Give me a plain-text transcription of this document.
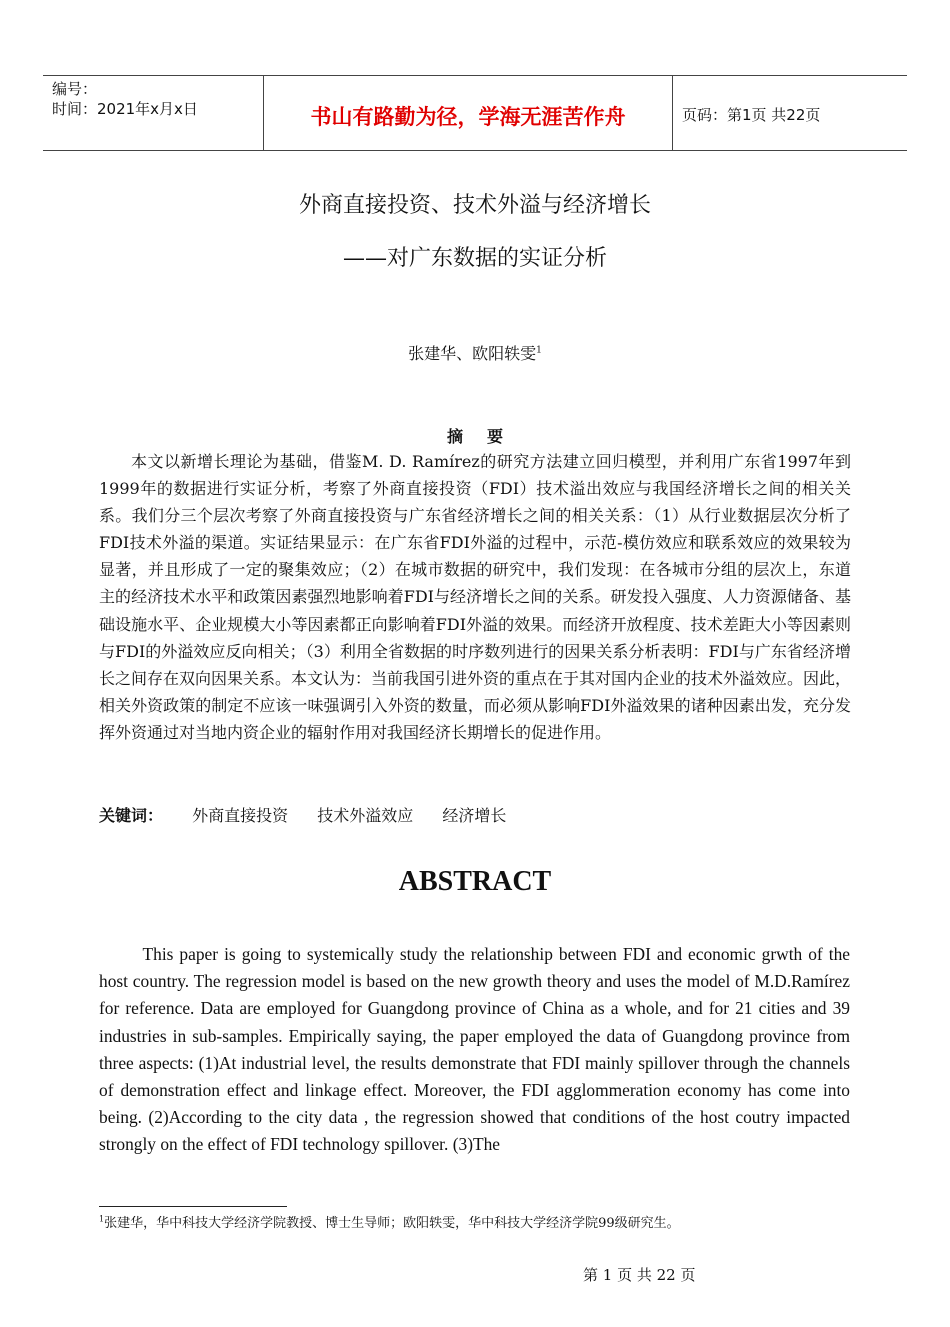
编号：
时间：2021年x月x日	书山有路勤为径，学海无涯苦作舟	页码：第1页 共22页
外商直接投资、技术外溢与经济增长
——对广东数据的实证分析
张建华、欧阳轶雯$^1$
摘要
本文以新增长理论为基础，借鉴M. D. Ramírez的研究方法建立回归模型，并利用广东省1997年到1999年的数据进行实证分析，考察了外商直接投资（FDI）技术溢出效应与我国经济增长之间的相关关系。我们分三个层次考察了外商直接投资与广东省经济增长之间的相关关系：（1）从行业数据层次分析了FDI技术外溢的渠道。实证结果显示：在广东省FDI外溢的过程中，示范-模仿效应和联系效应的效果较为显著，并且形成了一定的聚集效应；（2）在城市数据的研究中，我们发现：在各城市分组的层次上，东道主的经济技术水平和政策因素强烈地影响着FDI与经济增长之间的关系。研发投入强度、人力资源储备、基础设施水平、企业规模大小等因素都正向影响着FDI外溢的效果。而经济开放程度、技术差距大小等因素则与FDI的外溢效应反向相关；（3）利用全省数据的时序数列进行的因果关系分析表明：FDI与广东省经济增长之间存在双向因果关系。本文认为：当前我国引进外资的重点在于其对国内企业的技术外溢效应。因此，相关外资政策的制定不应该一味强调引入外资的数量，而必须从影响FDI外溢效果的诸种因素出发，充分发挥外资通过对当地内资企业的辐射作用对我国经济长期增长的促进作用。
关键词： 外商直接投资 技术外溢效应 经济增长
ABSTRACT
This paper is going to systemically study the relationship between FDI and economic grwth of the host country. The regression model is based on the new growth theory and uses the model of M.D.Ramírez for reference. Data are employed for Guangdong province of China as a whole, and for 21 cities and 39 industries in sub-samples. Empirically saying, the paper employed the data of Guangdong province from three aspects: (1)At industrial level, the results demonstrate that FDI mainly spillover through the channels of demonstration effect and linkage effect. Moreover, the FDI agglommeration economy has come into being. (2)According to the city data , the regression showed that conditions of the host coutry impacted strongly on the effect of FDI technology spillover. (3)The
$^1$张建华，华中科技大学经济学院教授、博士生导师；欧阳轶雯，华中科技大学经济学院99级研究生。
第 1 页 共 22 页
